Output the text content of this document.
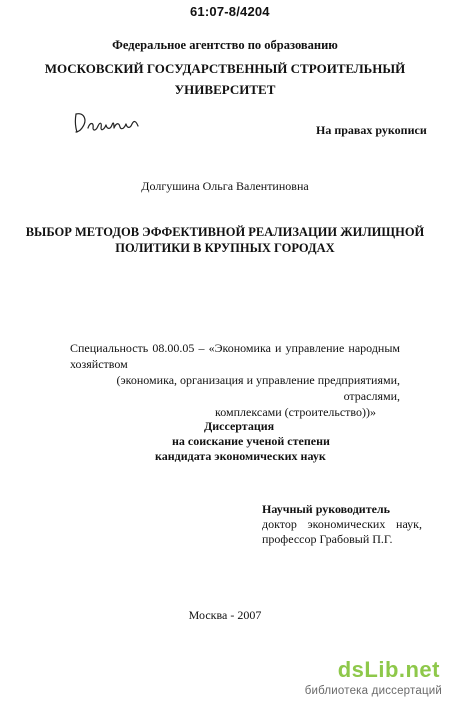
61:07-8/4204
Федеральное агентство по образованию
МОСКОВСКИЙ ГОСУДАРСТВЕННЫЙ СТРОИТЕЛЬНЫЙ
УНИВЕРСИТЕТ
На правах рукописи
Долгушина Ольга Валентиновна
ВЫБОР МЕТОДОВ ЭФФЕКТИВНОЙ РЕАЛИЗАЦИИ ЖИЛИЩНОЙ
ПОЛИТИКИ В КРУПНЫХ ГОРОДАХ
Специальность 08.00.05 – «Экономика и управление народным хозяйством
(экономика, организация и управление предприятиями, отраслями,
комплексами (строительство))»
Диссертация
на соискание ученой степени
кандидата экономических наук
Научный руководитель
доктор экономических наук,
профессор Грабовый П.Г.
Москва - 2007
dsLib.net
библиотека диссертаций
